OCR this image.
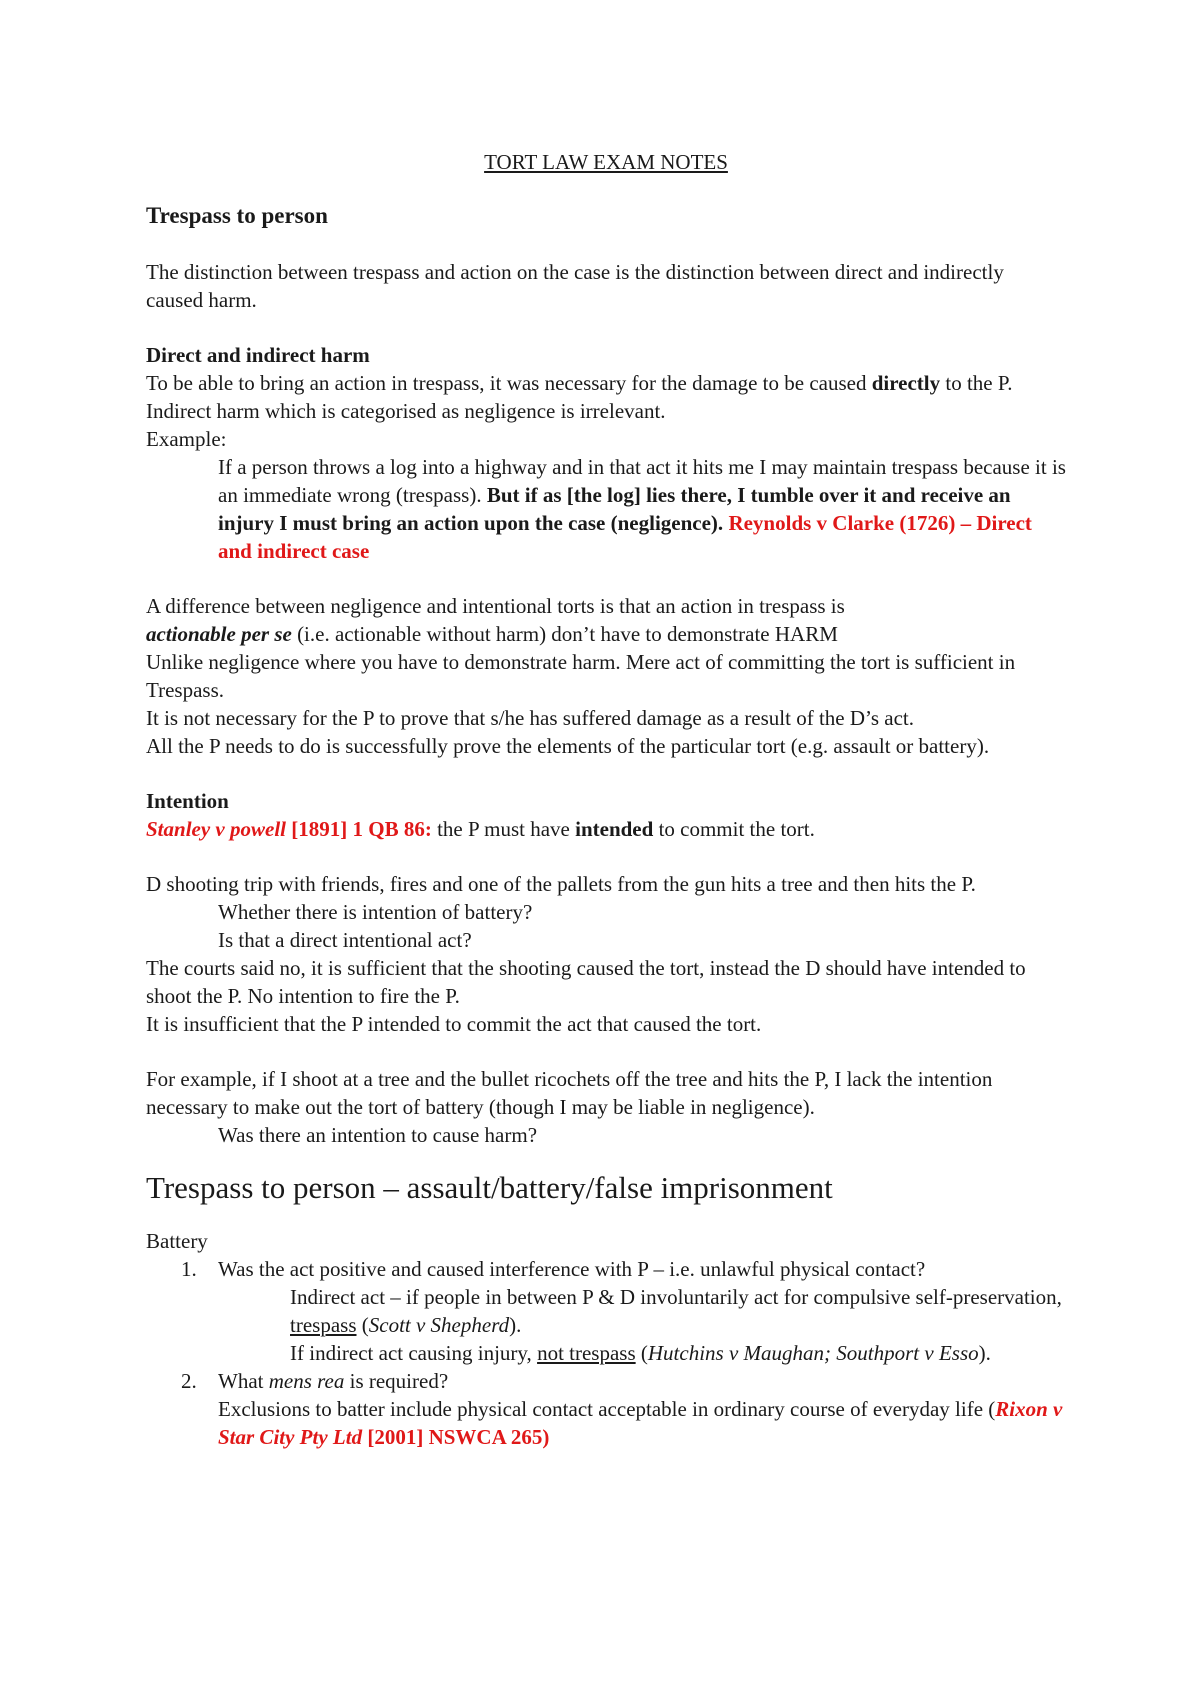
TORT LAW EXAM NOTES

Trespass to person

The distinction between trespass and action on the case is the distinction between direct and indirectly caused harm.

Direct and indirect harm

To be able to bring an action in trespass, it was necessary for the damage to be caused directly to the P. Indirect harm which is categorised as negligence is irrelevant.

Example:

If a person throws a log into a highway and in that act it hits me I may maintain trespass because it is an immediate wrong (trespass). But if as [the log] lies there, I tumble over it and receive an injury I must bring an action upon the case (negligence). Reynolds v Clarke (1726) – Direct and indirect case

A difference between negligence and intentional torts is that an action in trespass is

actionable per se (i.e. actionable without harm) don’t have to demonstrate HARM

Unlike negligence where you have to demonstrate harm. Mere act of committing the tort is sufficient in Trespass.

It is not necessary for the P to prove that s/he has suffered damage as a result of the D’s act.

All the P needs to do is successfully prove the elements of the particular tort (e.g. assault or battery).

Intention

Stanley v powell [1891] 1 QB 86: the P must have intended to commit the tort.

D shooting trip with friends, fires and one of the pallets from the gun hits a tree and then hits the P.

Whether there is intention of battery?

Is that a direct intentional act?

The courts said no, it is sufficient that the shooting caused the tort, instead the D should have intended to shoot the P. No intention to fire the P.

It is insufficient that the P intended to commit the act that caused the tort.

For example, if I shoot at a tree and the bullet ricochets off the tree and hits the P, I lack the intention necessary to make out the tort of battery (though I may be liable in negligence).

Was there an intention to cause harm?

Trespass to person – assault/battery/false imprisonment

Battery

1. Was the act positive and caused interference with P – i.e. unlawful physical contact?

Indirect act – if people in between P & D involuntarily act for compulsive self-preservation, trespass (Scott v Shepherd).

If indirect act causing injury, not trespass (Hutchins v Maughan; Southport v Esso).

2. What mens rea is required?

Exclusions to batter include physical contact acceptable in ordinary course of everyday life (Rixon v Star City Pty Ltd [2001] NSWCA 265)
